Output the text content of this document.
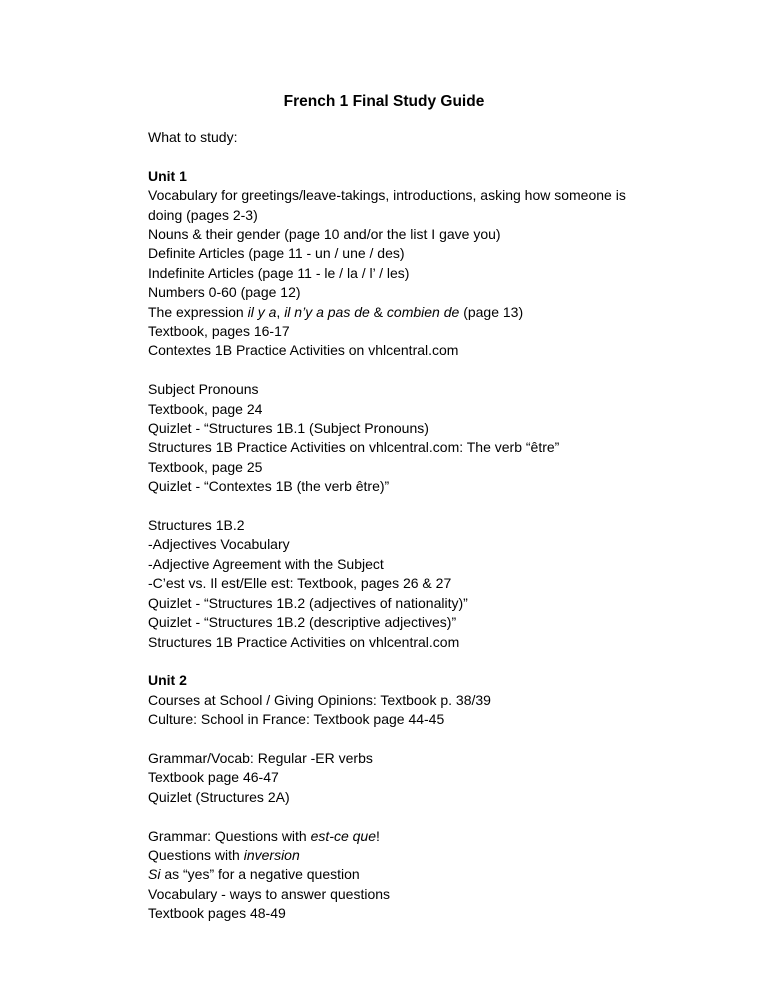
French 1 Final Study Guide
What to study:
Unit 1
Vocabulary for greetings/leave-takings, introductions, asking how someone is doing (pages 2-3)
Nouns & their gender (page 10 and/or the list I gave you)
Definite Articles (page 11 - un / une / des)
Indefinite Articles (page 11 - le / la / l’ / les)
Numbers 0-60 (page 12)
The expression il y a, il n’y a pas de & combien de (page 13)
Textbook, pages 16-17
Contextes 1B Practice Activities on vhlcentral.com
Subject Pronouns
Textbook, page 24
Quizlet - “Structures 1B.1 (Subject Pronouns)
Structures 1B Practice Activities on vhlcentral.com: The verb “être”
Textbook, page 25
Quizlet - “Contextes 1B (the verb être)”
Structures 1B.2
-Adjectives Vocabulary
-Adjective Agreement with the Subject
-C’est vs. Il est/Elle est: Textbook, pages 26 & 27
Quizlet - “Structures 1B.2 (adjectives of nationality)”
Quizlet - “Structures 1B.2 (descriptive adjectives)”
Structures 1B Practice Activities on vhlcentral.com
Unit 2
Courses at School / Giving Opinions: Textbook p. 38/39
Culture: School in France: Textbook page 44-45
Grammar/Vocab: Regular -ER verbs
Textbook page 46-47
Quizlet (Structures 2A)
Grammar: Questions with est-ce que!
Questions with inversion
Si as “yes” for a negative question
Vocabulary - ways to answer questions
Textbook pages 48-49
